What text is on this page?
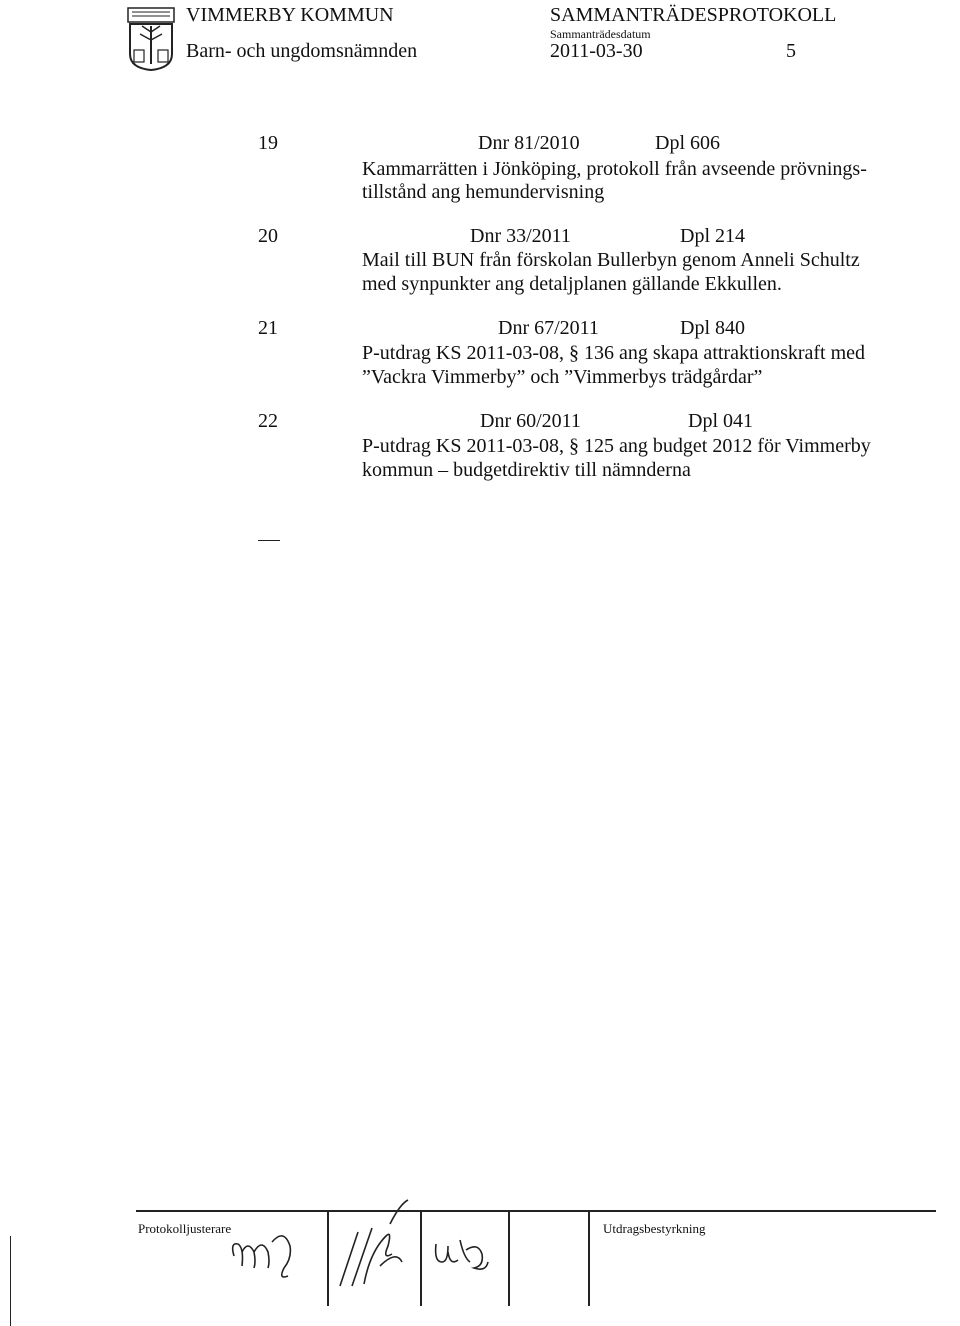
VIMMERBY KOMMUN
Barn- och ungdomsnämnden
SAMMANTRÄDESPROTOKOLL
Sammanträdesdatum
2011-03-30	5
19	Dnr 81/2010	Dpl 606
Kammarrätten i Jönköping, protokoll från avseende prövnings-
tillstånd ang hemundervisning
20	Dnr 33/2011	Dpl 214
Mail till BUN från förskolan Bullerbyn genom Anneli Schultz
med synpunkter ang detaljplanen gällande Ekkullen.
21	Dnr 67/2011	Dpl 840
P-utdrag KS 2011-03-08, § 136 ang skapa attraktionskraft med
”Vackra Vimmerby” och ”Vimmerbys trädgårdar”
22	Dnr 60/2011	Dpl 041
P-utdrag KS 2011-03-08, § 125 ang budget 2012 för Vimmerby
kommun – budgetdirektiv till nämnderna
Protokolljusterare	Utdragsbestyrkning
